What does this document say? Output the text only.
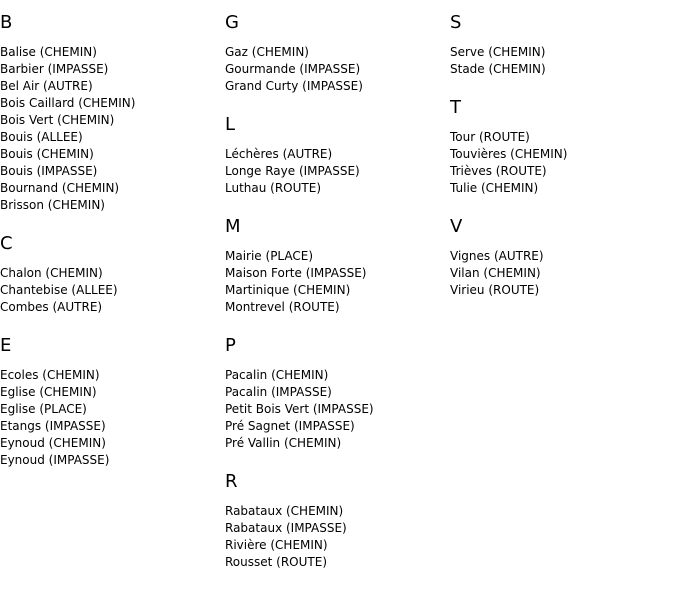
B
Balise (CHEMIN)
Barbier (IMPASSE)
Bel Air (AUTRE)
Bois Caillard (CHEMIN)
Bois Vert (CHEMIN)
Bouis (ALLEE)
Bouis (CHEMIN)
Bouis (IMPASSE)
Bournand (CHEMIN)
Brisson (CHEMIN)
C
Chalon (CHEMIN)
Chantebise (ALLEE)
Combes (AUTRE)
E
Ecoles (CHEMIN)
Eglise (CHEMIN)
Eglise (PLACE)
Etangs (IMPASSE)
Eynoud (CHEMIN)
Eynoud (IMPASSE)
G
Gaz (CHEMIN)
Gourmande (IMPASSE)
Grand Curty (IMPASSE)
L
Léchères (AUTRE)
Longe Raye (IMPASSE)
Luthau (ROUTE)
M
Mairie (PLACE)
Maison Forte (IMPASSE)
Martinique (CHEMIN)
Montrevel (ROUTE)
P
Pacalin (CHEMIN)
Pacalin (IMPASSE)
Petit Bois Vert (IMPASSE)
Pré Sagnet (IMPASSE)
Pré Vallin (CHEMIN)
R
Rabataux (CHEMIN)
Rabataux (IMPASSE)
Rivière (CHEMIN)
Rousset (ROUTE)
S
Serve (CHEMIN)
Stade (CHEMIN)
T
Tour (ROUTE)
Touvières (CHEMIN)
Trièves (ROUTE)
Tulie (CHEMIN)
V
Vignes (AUTRE)
Vilan (CHEMIN)
Virieu (ROUTE)
